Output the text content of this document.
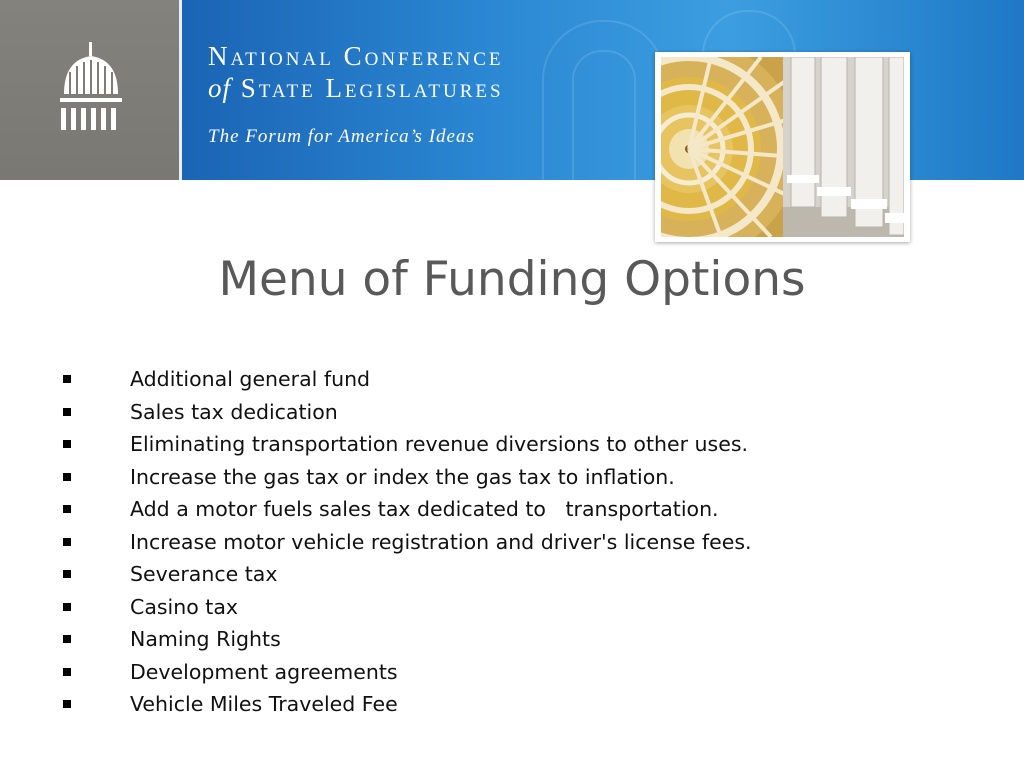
National Conference
of State Legislatures

The Forum for America’s Ideas

Menu of Funding Options
Additional general fund
Sales tax dedication
Eliminating transportation revenue diversions to other uses.
Increase the gas tax or index the gas tax to inflation.
Add a motor fuels sales tax dedicated to   transportation.
Increase motor vehicle registration and driver's license fees.
Severance tax
Casino tax
Naming Rights
Development agreements
Vehicle Miles Traveled Fee
